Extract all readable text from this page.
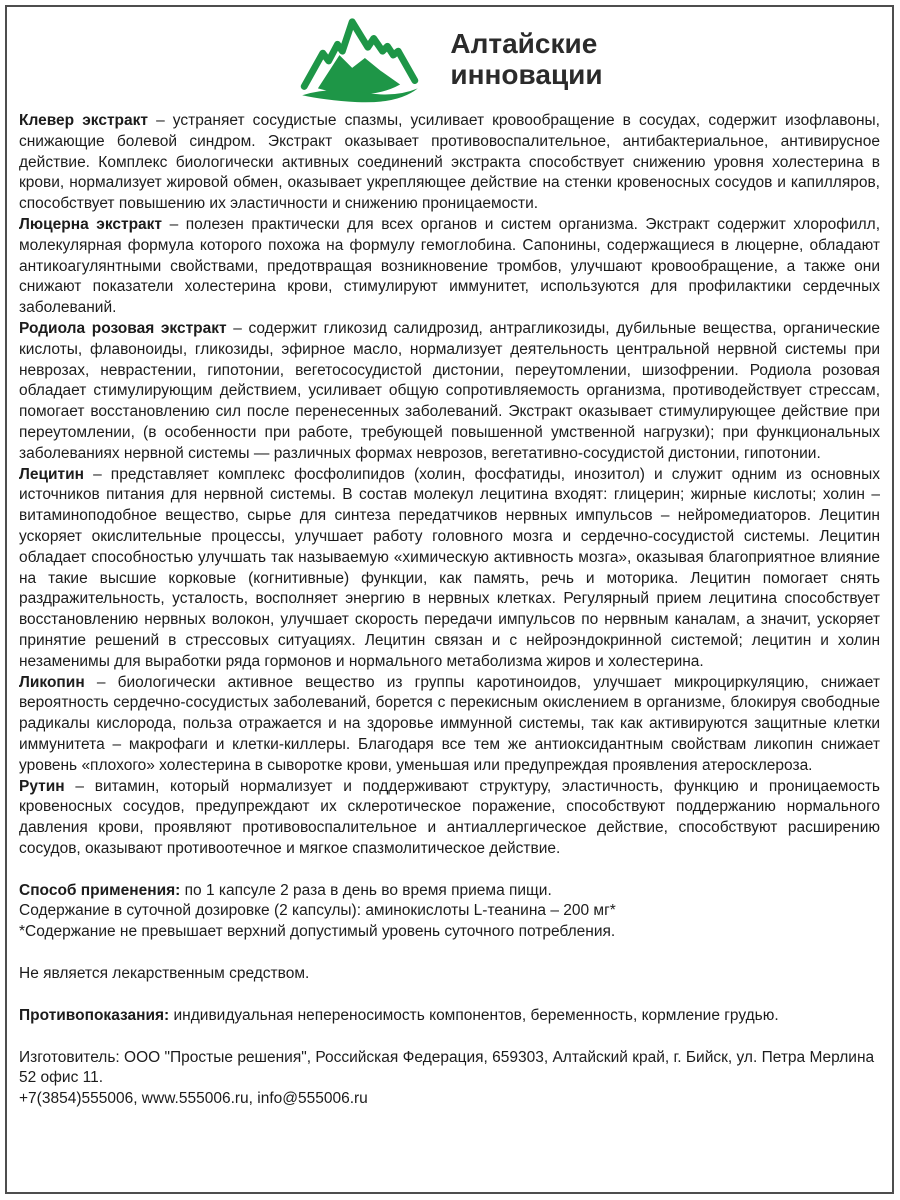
Алтайские
инновации

Клевер экстракт – устраняет сосудистые спазмы, усиливает кровообращение в сосудах, содержит изофлавоны, снижающие болевой синдром. Экстракт оказывает противовоспалительное, антибактериальное, антивирусное действие. Комплекс биологически активных соединений экстракта способствует снижению уровня холестерина в крови, нормализует жировой обмен, оказывает укрепляющее действие на стенки кровеносных сосудов и капилляров, способствует повышению их эластичности и снижению проницаемости.

Люцерна экстракт – полезен практически для всех органов и систем организма. Экстракт содержит хлорофилл, молекулярная формула которого похожа на формулу гемоглобина. Сапонины, содержащиеся в люцерне, обладают антикоагулянтными свойствами, предотвращая возникновение тромбов, улучшают кровообращение, а также они снижают показатели холестерина крови, стимулируют иммунитет, используются для профилактики сердечных заболеваний.

Родиола розовая экстракт – содержит гликозид салидрозид, антрагликозиды, дубильные вещества, органические кислоты, флавоноиды, гликозиды, эфирное масло, нормализует деятельность центральной нервной системы при неврозах, неврастении, гипотонии, вегетососудистой дистонии, переутомлении, шизофрении. Родиола розовая обладает стимулирующим действием, усиливает общую сопротивляемость организма, противодействует стрессам, помогает восстановлению сил после перенесенных заболеваний. Экстракт оказывает стимулирующее действие при переутомлении, (в особенности при работе, требующей повышенной умственной нагрузки); при функциональных заболеваниях нервной системы — различных формах неврозов, вегетативно-сосудистой дистонии, гипотонии.

Лецитин – представляет комплекс фосфолипидов (холин, фосфатиды, инозитол) и служит одним из основных источников питания для нервной системы. В состав молекул лецитина входят: глицерин; жирные кислоты; холин – витаминоподобное вещество, сырье для синтеза передатчиков нервных импульсов – нейромедиаторов. Лецитин ускоряет окислительные процессы, улучшает работу головного мозга и сердечно-сосудистой системы. Лецитин обладает способностью улучшать так называемую «химическую активность мозга», оказывая благоприятное влияние на такие высшие корковые (когнитивные) функции, как память, речь и моторика. Лецитин помогает снять раздражительность, усталость, восполняет энергию в нервных клетках. Регулярный прием лецитина способствует восстановлению нервных волокон, улучшает скорость передачи импульсов по нервным каналам, а значит, ускоряет принятие решений в стрессовых ситуациях. Лецитин связан и с нейроэндокринной системой; лецитин и холин незаменимы для выработки ряда гормонов и нормального метаболизма жиров и холестерина.

Ликопин – биологически активное вещество из группы каротиноидов, улучшает микроциркуляцию, снижает вероятность сердечно-сосудистых заболеваний, борется с перекисным окислением в организме, блокируя свободные радикалы кислорода, польза отражается и на здоровье иммунной системы, так как активируются защитные клетки иммунитета – макрофаги и клетки-киллеры. Благодаря все тем же антиоксидантным свойствам ликопин снижает уровень «плохого» холестерина в сыворотке крови, уменьшая или предупреждая проявления атеросклероза.

Рутин – витамин, который нормализует и поддерживают структуру, эластичность, функцию и проницаемость кровеносных сосудов, предупреждают их склеротическое поражение, способствуют поддержанию нормального давления крови, проявляют противовоспалительное и антиаллергическое действие, способствуют расширению сосудов, оказывают противоотечное и мягкое спазмолитическое действие.

Способ применения: по 1 капсуле 2 раза в день во время приема пищи.

Содержание в суточной дозировке (2 капсулы): аминокислоты L-теанина – 200 мг*

*Содержание не превышает верхний допустимый уровень суточного потребления.

Не является лекарственным средством.

Противопоказания: индивидуальная непереносимость компонентов, беременность, кормление грудью.

Изготовитель: ООО "Простые решения", Российская Федерация, 659303, Алтайский край, г. Бийск, ул. Петра Мерлина 52 офис 11.

+7(3854)555006, www.555006.ru, info@555006.ru
